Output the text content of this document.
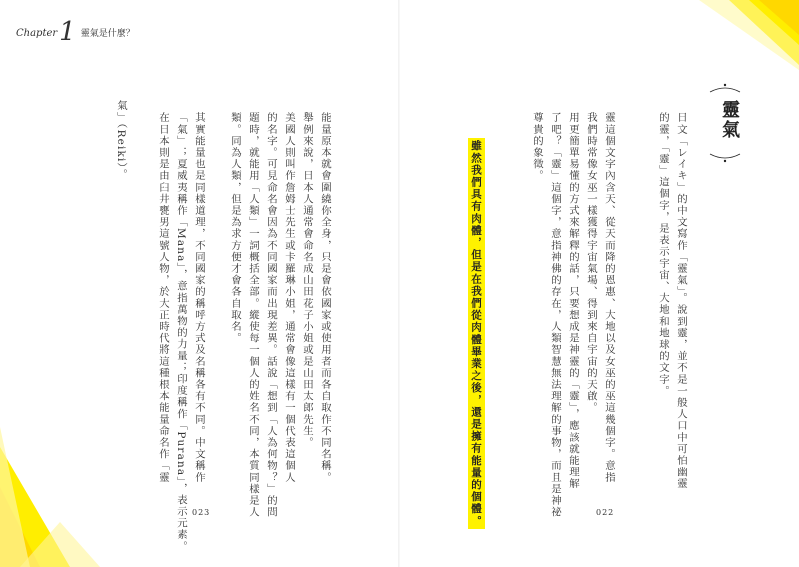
Chapter 1 靈氣是什麼？
能量原本就會圍繞你全身，只是會依國家或使用者而各自取作不同名稱。
舉例來說，日本人通常會命名成山田花子小姐或是山田太郎先生。
美國人則叫作詹姆士先生或卡羅琳小姐，通常會像這樣有一個代表這個人
的名字。可見命名會因為不同國家而出現差異。話說「想到「人為何物？」的問
題時，就能用「人類」一詞概括全部。縱使每一個人的姓名不同，本質同樣是人
類。同為人類，但是為求方便才會各自取名。
其實能量也是同樣道理，不同國家的稱呼方式及名稱各有不同。中文稱作
「氣」；夏威夷稱作「Mana」，意指萬物的力量；印度稱作「Purana」，表示元素。
在日本則是由臼井甕男這號人物，於大正時代將這種根本能量命名作「靈
氣」（Reiki）。
023
靈氣
日文「レイキ」的中文寫作「靈氣」。說到靈，並不是一般人口中可怕幽靈
的靈，「靈」這個字，是表示宇宙、大地和地球的文字。
靈這個文字內含天、從天而降的恩惠、大地以及女巫的巫這幾個字。意指
我們時常像女巫一樣獲得宇宙氣場、得到來自宇宙的天啟。
用更簡單易懂的方式來解釋的話，只要想成是神靈的「靈」，應該就能理解
了吧？「靈」這個字，意指神佛的存在，人類智慧無法理解的事物，而且是神祕
尊貴的象徵。
雖然我們具有肉體，但是在我們從肉體畢業之後，還是擁有能量的個體。	022
